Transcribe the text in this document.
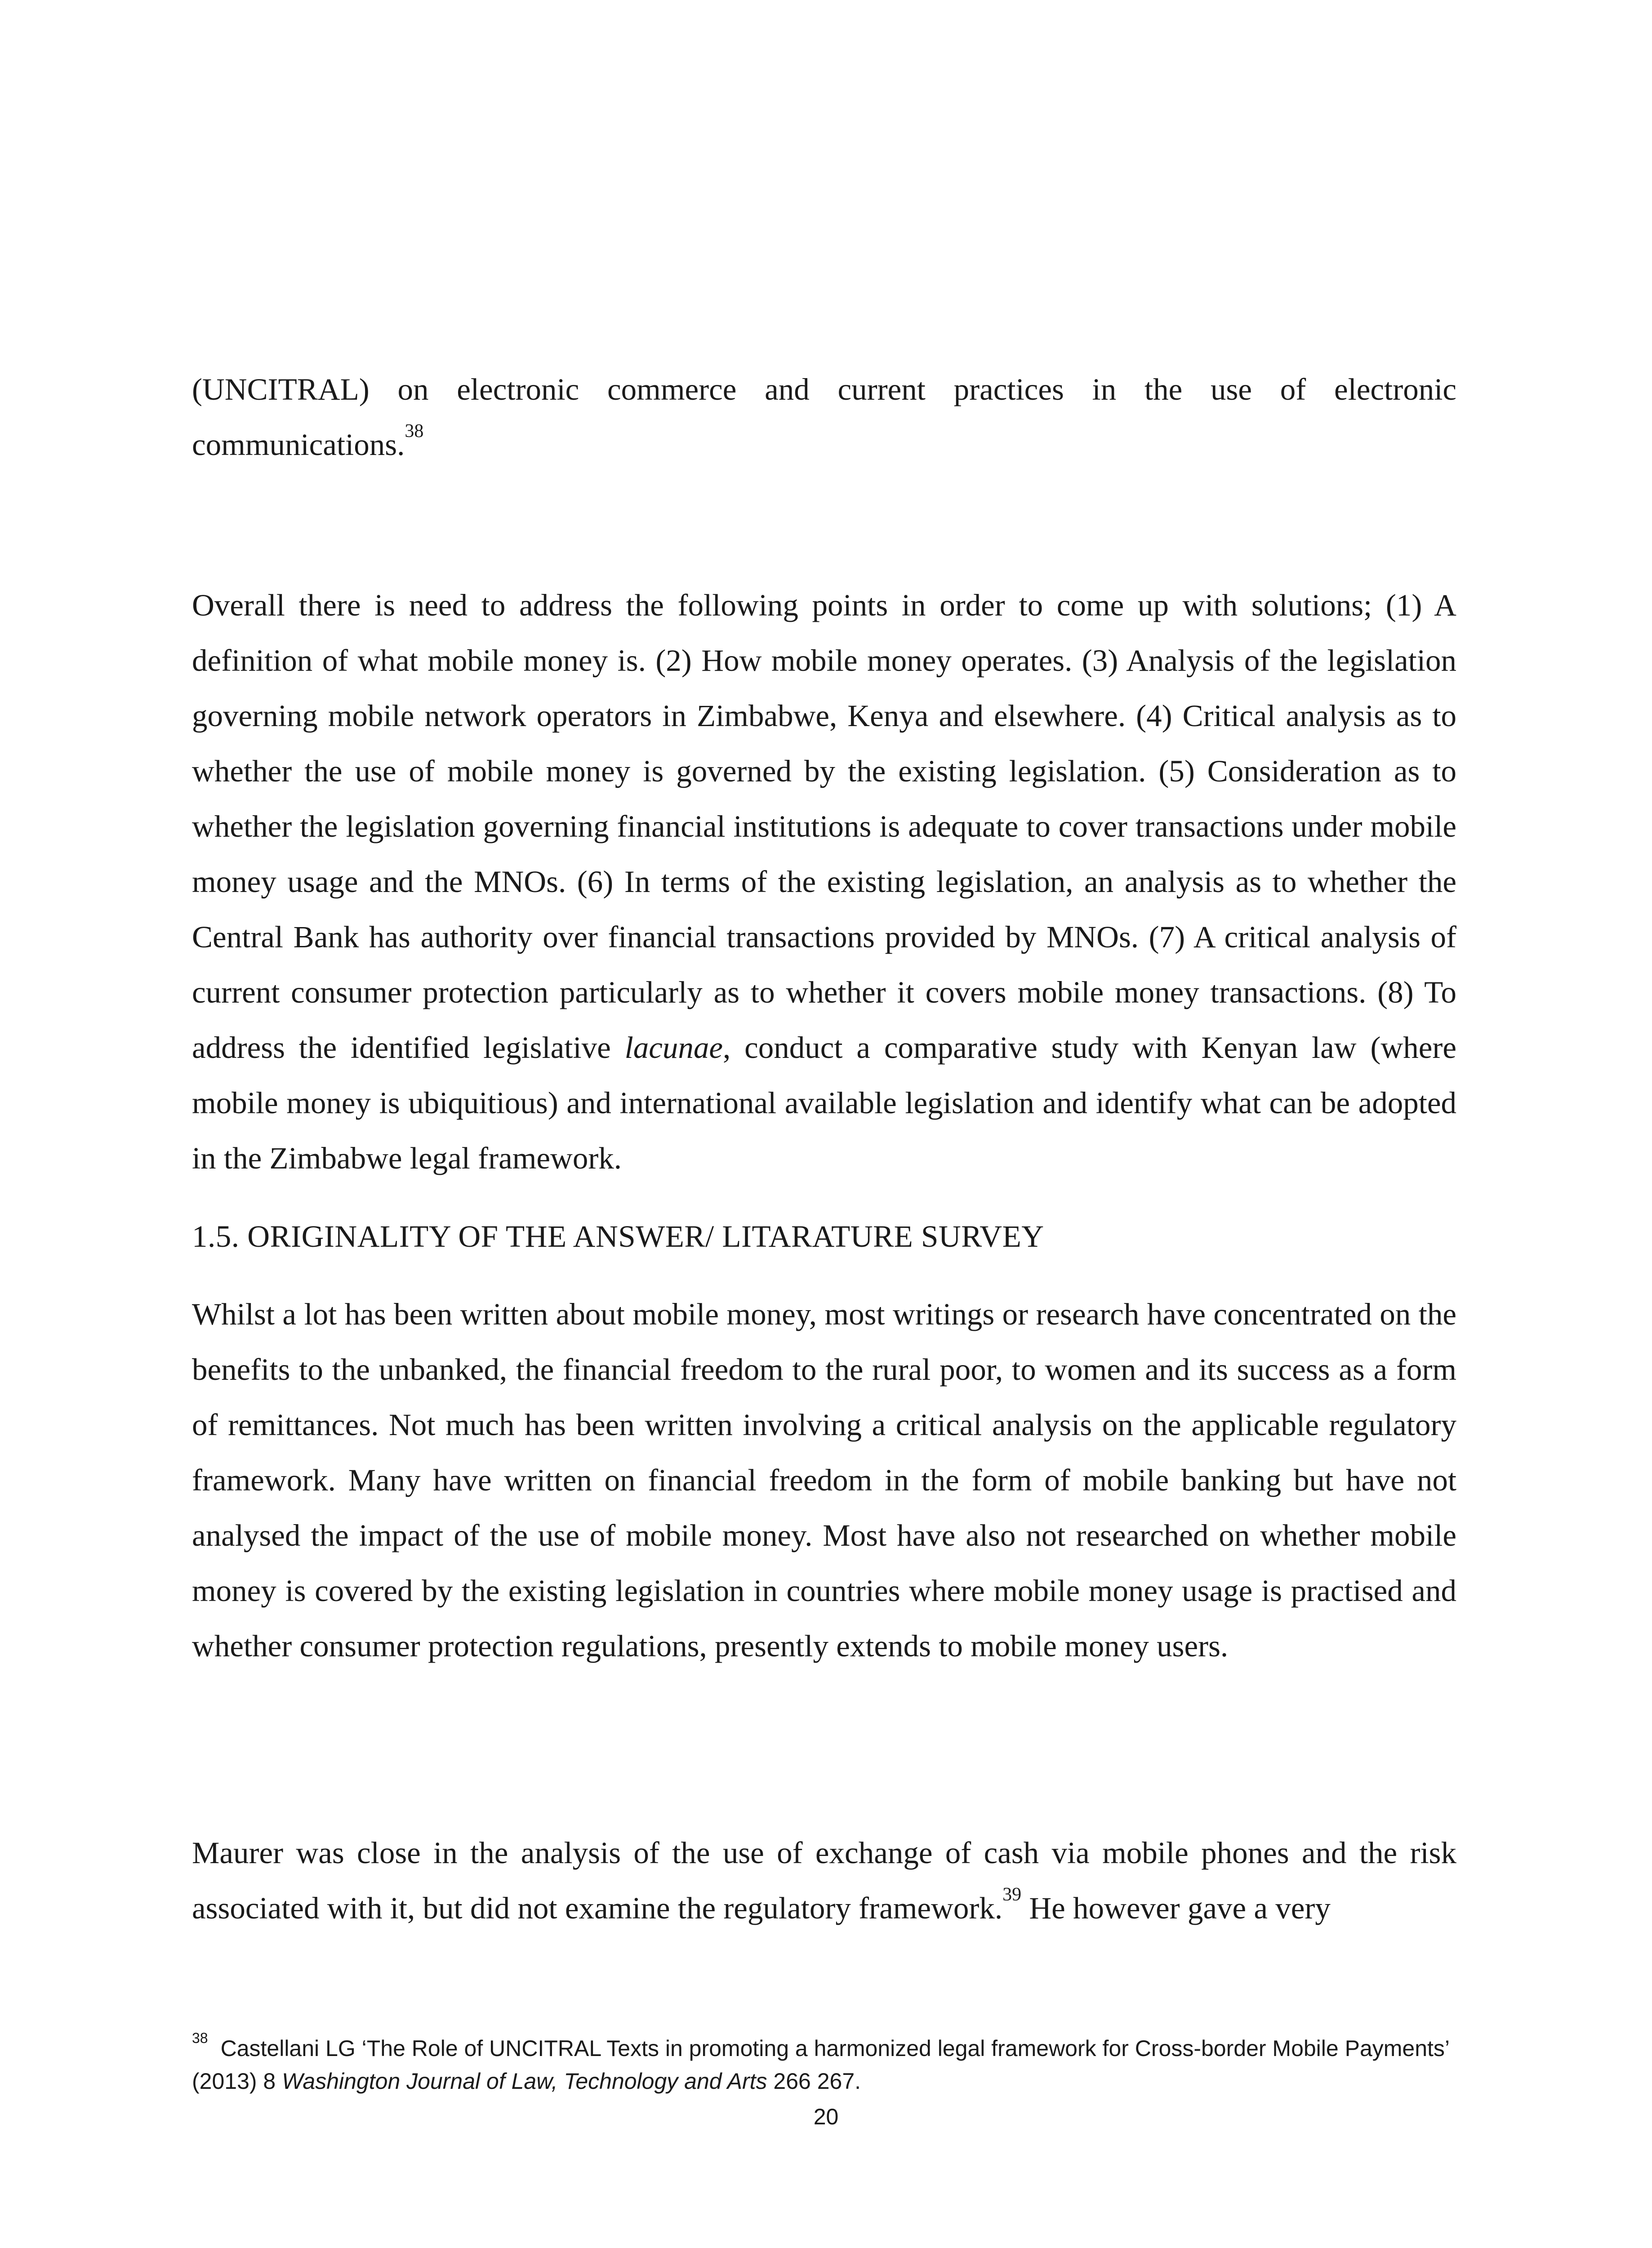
(UNCITRAL) on electronic commerce and current practices in the use of electronic communications.$^{38}$

Overall there is need to address the following points in order to come up with solutions; (1) A definition of what mobile money is. (2) How mobile money operates. (3) Analysis of the legislation governing mobile network operators in Zimbabwe, Kenya and elsewhere. (4) Critical analysis as to whether the use of mobile money is governed by the existing legislation. (5) Consideration as to whether the legislation governing financial institutions is adequate to cover transactions under mobile money usage and the MNOs. (6) In terms of the existing legislation, an analysis as to whether the Central Bank has authority over financial transactions provided by MNOs. (7) A critical analysis of current consumer protection particularly as to whether it covers mobile money transactions. (8) To address the identified legislative lacunae, conduct a comparative study with Kenyan law (where mobile money is ubiquitious) and international available legislation and identify what can be adopted in the Zimbabwe legal framework.

1.5. ORIGINALITY OF THE ANSWER/ LITARATURE SURVEY

Whilst a lot has been written about mobile money, most writings or research have concentrated on the benefits to the unbanked, the financial freedom to the rural poor, to women and its success as a form of remittances. Not much has been written involving a critical analysis on the applicable regulatory framework. Many have written on financial freedom in the form of mobile banking but have not analysed the impact of the use of mobile money. Most have also not researched on whether mobile money is covered by the existing legislation in countries where mobile money usage is practised and whether consumer protection regulations, presently extends to mobile money users.

Maurer was close in the analysis of the use of exchange of cash via mobile phones and the risk associated with it, but did not examine the regulatory framework.$^{39}$ He however gave a very

$^{38}$ Castellani LG ‘The Role of UNCITRAL Texts in promoting a harmonized legal framework for Cross-border Mobile Payments’ (2013) 8 Washington Journal of Law, Technology and Arts 266 267.
20
